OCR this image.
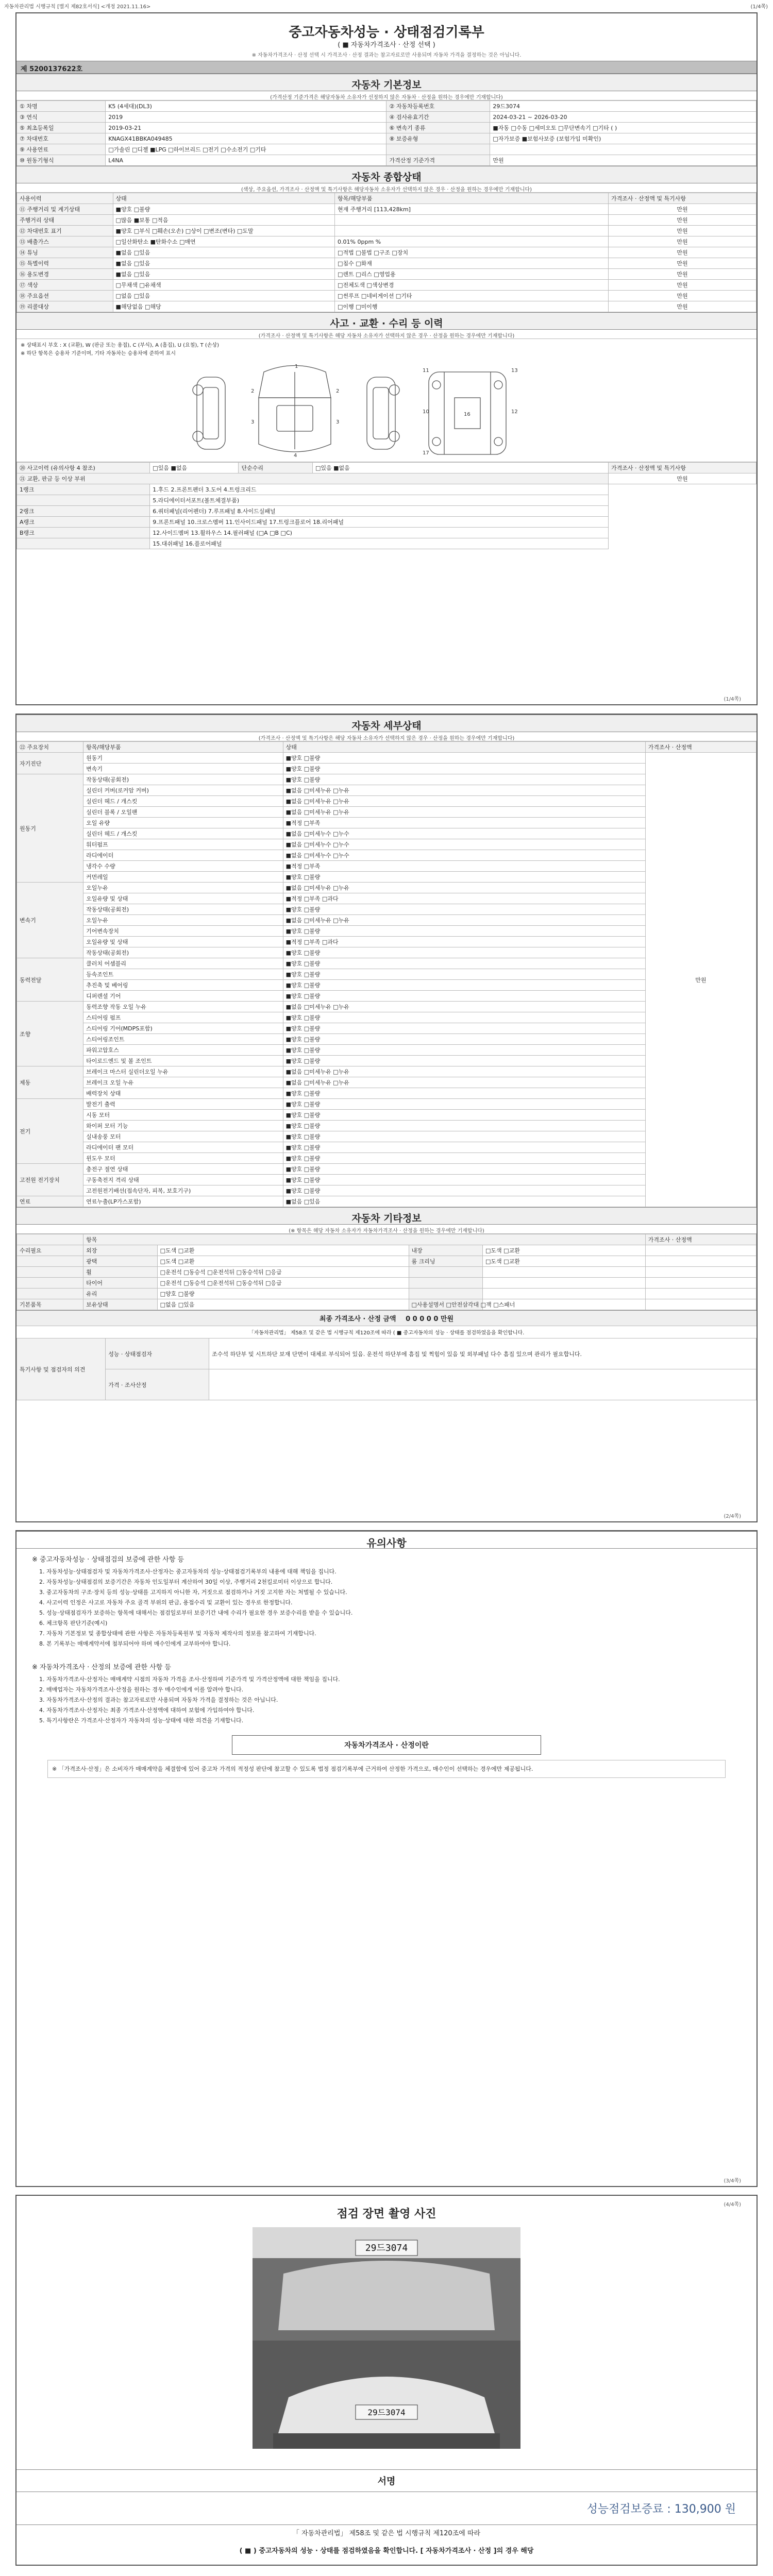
자동차관리법 시행규칙 [별지 제82호서식] <개정 2021.11.16>	(1/4쪽)
중고자동차성능 · 상태점검기록부
( ■ 자동차가격조사 · 산정 선택 )
※ 자동차가격조사 · 산정 선택 시 가격조사 · 산정 결과는 참고자료로만 사용되며 자동차 가격을 결정하는 것은 아닙니다.
제 5200137622호
자동차 기본정보
(가격산정 기준가격은 해당자동차 소유자가 선정하지 않은 자동차 · 산정을 원하는 경우에만 기재합니다)
① 차명	K5 (4세대)(DL3)	② 자동차등록번호	29드3074
③ 연식	2019	④ 검사유효기간	2024-03-21 ~ 2026-03-20
⑤ 최초등록일	2019-03-21	⑥ 변속기 종류	■자동 □수동 □세미오토 □무단변속기 □기타 ( )
⑦ 차대번호	KNAGX41BBKA049485	⑧ 보증유형	□자가보증 ■보험사보증 (보험가입 미확인)
⑨ 사용연료	□가솔린 □디젤 ■LPG □하이브리드 □전기 □수소전기 □기타		
⑩ 원동기형식	L4NA	가격산정 기준가격	만원
자동차 종합상태
(색상, 주요옵션, 가격조사 · 산정액 및 특기사항은 해당자동차 소유자가 선택하지 않은 경우 · 산정을 원하는 경우에만 기재합니다)
사용이력	상태	항목/해당부품	가격조사 · 산정액 및 특기사항
⑪ 주행거리 및 계기상태	■양호 □불량	현재 주행거리 [113,428km]	만원
주행거리 상태	□많음 ■보통 □적음		만원
⑫ 차대번호 표기	■양호 □부식 □훼손(오손) □상이 □변조(변타) □도말		만원
⑬ 배출가스	□일산화탄소 ■탄화수소 □매연	0.01% 0ppm %	만원
⑭ 튜닝	■없음 □있음	□적법 □불법 □구조 □장치	만원
⑮ 특별이력	■없음 □있음	□침수 □화재	만원
⑯ 용도변경	■없음 □있음	□렌트 □리스 □영업용	만원
⑰ 색상	□무채색 □유채색	□전체도색 □색상변경	만원
⑱ 주요옵션	□없음 □있음	□썬루프 □네비게이션 □기타	만원
⑲ 리콜대상	■해당없음 □해당	□이행 □미이행	만원
사고 · 교환 · 수리 등 이력
(가격조사 · 산정액 및 특기사항은 해당 자동차 소유자가 선택하지 않은 경우 · 산정을 원하는 경우에만 기재합니다)
※ 상태표시 부호 : X (교환), W (판금 또는 용접), C (부식), A (흠집), U (요철), T (손상)
※ 하단 항목은 승용차 기준이며, 기타 자동차는 승용차에 준하여 표시
1
2	2
3	3
4
11	13
16
10	12
17
⑳ 사고이력 (유의사항 4 참조)	□있음 ■없음	단순수리	□있음 ■없음	가격조사 · 산정액 및 특기사항
㉑ 교환, 판금 등 이상 부위				만원
1랭크	1.후드 2.프론트펜더 3.도어 4.트렁크리드			
	5.라디에이터서포트(볼트체결부품)			
2랭크	6.쿼터패널(리어펜더) 7.루프패널 8.사이드실패널			
A랭크	9.프론트패널 10.크로스멤버 11.인사이드패널 17.트렁크플로어 18.리어패널			
B랭크	12.사이드멤버 13.휠하우스 14.필러패널 (□A □B □C)			
	15.대쉬패널 16.플로어패널			
(1/4쪽)
자동차 세부상태
(가격조사 · 산정액 및 특기사항은 해당 자동차 소유자가 선택하지 않은 경우 · 산정을 원하는 경우에만 기재합니다)
㉒ 주요장치	항목/해당부품	상태	가격조사 · 산정액
자기진단	원동기	■양호 □불량	만원
	변속기	■양호 □불량	
원동기	작동상태(공회전)	■양호 □불량	
	실린더 커버(로커암 커버)	■없음 □미세누유 □누유	
	실린더 헤드 / 개스킷	■없음 □미세누유 □누유	
	실린더 블록 / 오일팬	■없음 □미세누유 □누유	
	오일 유량	■적정 □부족	
	실린더 헤드 / 개스킷	■없음 □미세누수 □누수	
	워터펌프	■없음 □미세누수 □누수	
	라디에이터	■없음 □미세누수 □누수	
	냉각수 수량	■적정 □부족	
	커먼레일	■양호 □불량	
변속기	오일누유	■없음 □미세누유 □누유	
	오일유량 및 상태	■적정 □부족 □과다	
	작동상태(공회전)	■양호 □불량	
	오일누유	■없음 □미세누유 □누유	
	기어변속장치	■양호 □불량	
	오일유량 및 상태	■적정 □부족 □과다	
	작동상태(공회전)	■양호 □불량	
동력전달	클러치 어셈블리	■양호 □불량	
	등속조인트	■양호 □불량	
	추진축 및 베어링	■양호 □불량	
	디퍼렌셜 기어	■양호 □불량	
조향	동력조향 작동 오일 누유	■없음 □미세누유 □누유	
	스티어링 펌프	■양호 □불량	
	스티어링 기어(MDPS포함)	■양호 □불량	
	스티어링조인트	■양호 □불량	
	파워고압호스	■양호 □불량	
	타이로드엔드 및 볼 조인트	■양호 □불량	
제동	브레이크 마스터 실린더오일 누유	■없음 □미세누유 □누유	
	브레이크 오일 누유	■없음 □미세누유 □누유	
	배력장치 상태	■양호 □불량	
전기	발전기 출력	■양호 □불량	
	시동 모터	■양호 □불량	
	와이퍼 모터 기능	■양호 □불량	
	실내송풍 모터	■양호 □불량	
	라디에이터 팬 모터	■양호 □불량	
	윈도우 모터	■양호 □불량	
고전원 전기장치	충전구 절연 상태	■양호 □불량	
	구동축전지 격리 상태	■양호 □불량	
	고전원전기배선(접속단자, 피복, 보호기구)	■양호 □불량	
연료	연료누출(LP가스포함)	■없음 □있음	
자동차 기타정보
(※ 항목은 해당 자동차 소유자가 자동차가격조사 · 산정을 원하는 경우에만 기재합니다)
	항목				가격조사 · 산정액
수리필요	외장	□도색 □교환	내장	□도색 □교환	
	광택	□도색 □교환	룸 크리닝	□도색 □교환	
	휠	□운전석 □동승석 □운전석뒤 □동승석뒤 □응급			
	타이어	□운전석 □동승석 □운전석뒤 □동승석뒤 □응급			
	유리	□양호 □불량			
기본품목	보유상태	□없음 □있음	□사용설명서 □안전삼각대 □잭 □스패너		
최종 가격조사 · 산정 금액 0 0 0 0 0 만원
「자동차관리법」 제58조 및 같은 법 시행규칙 제120조에 따라 ( ■ 중고자동차의 성능 · 상태를 점검하였음을 확인합니다.
특기사항 및 점검자의 의견	성능 · 상태점검자	조수석 하단부 및 시트하단 보재 단면이 대체로 부식되어 있음. 운전석 하단부에 흠집 및 찍힘이 있음 및 외부패널 다수 흠집 있으며 관리가 필요합니다.
	가격 · 조사산정	
(2/4쪽)
유의사항
※ 중고자동차성능 · 상태점검의 보증에 관한 사항 등
1. 자동차성능·상태점검자 및 자동차가격조사·산정자는 중고자동차의 성능·상태점검기록부의 내용에 대해 책임을 집니다.
2. 자동차성능·상태점검의 보증기간은 자동차 인도일부터 계산하여 30일 이상, 주행거리 2천킬로미터 이상으로 합니다.
3. 중고자동차의 구조·장치 등의 성능·상태를 고지하지 아니한 자, 거짓으로 점검하거나 거짓 고지한 자는 처벌될 수 있습니다.
4. 사고이력 인정은 사고로 자동차 주요 골격 부위의 판금, 용접수리 및 교환이 있는 경우로 한정합니다.
5. 성능·상태점검자가 보증하는 항목에 대해서는 점검일로부터 보증기간 내에 수리가 필요한 경우 보증수리를 받을 수 있습니다.
6. 체크항목 판단기준(예시)
7. 자동차 기본정보 및 종합상태에 관한 사항은 자동차등록원부 및 자동차 제작사의 정보를 참고하여 기재합니다.
8. 본 기록부는 매매계약서에 첨부되어야 하며 매수인에게 교부하여야 합니다.
※ 자동차가격조사 · 산정의 보증에 관한 사항 등
1. 자동차가격조사·산정자는 매매계약 시점의 자동차 가격을 조사·산정하며 기준가격 및 가격산정액에 대한 책임을 집니다.
2. 매매업자는 자동차가격조사·산정을 원하는 경우 매수인에게 이를 알려야 합니다.
3. 자동차가격조사·산정의 결과는 참고자료로만 사용되며 자동차 가격을 결정하는 것은 아닙니다.
4. 자동차가격조사·산정자는 최종 가격조사·산정액에 대하여 보험에 가입하여야 합니다.
5. 특기사항란은 가격조사·산정자가 자동차의 성능·상태에 대한 의견을 기재합니다.
자동차가격조사 · 산정이란
※ 「가격조사·산정」은 소비자가 매매계약을 체결함에 있어 중고차 가격의 적정성 판단에 참고할 수 있도록 법정 점검기록부에 근거하여 산정한 가격으로, 매수인이 선택하는 경우에만 제공됩니다.
(3/4쪽)
점검 장면 촬영 사진
29드3074
29드3074
서명
성능점검보증료 : 130,900 원
「 자동차관리법」 제58조 및 같은 법 시행규칙 제120조에 따라
( ■ ) 중고자동차의 성능 · 상태를 점검하였음을 확인합니다. [ 자동차가격조사 · 산정 ]의 경우 해당
(4/4쪽)
